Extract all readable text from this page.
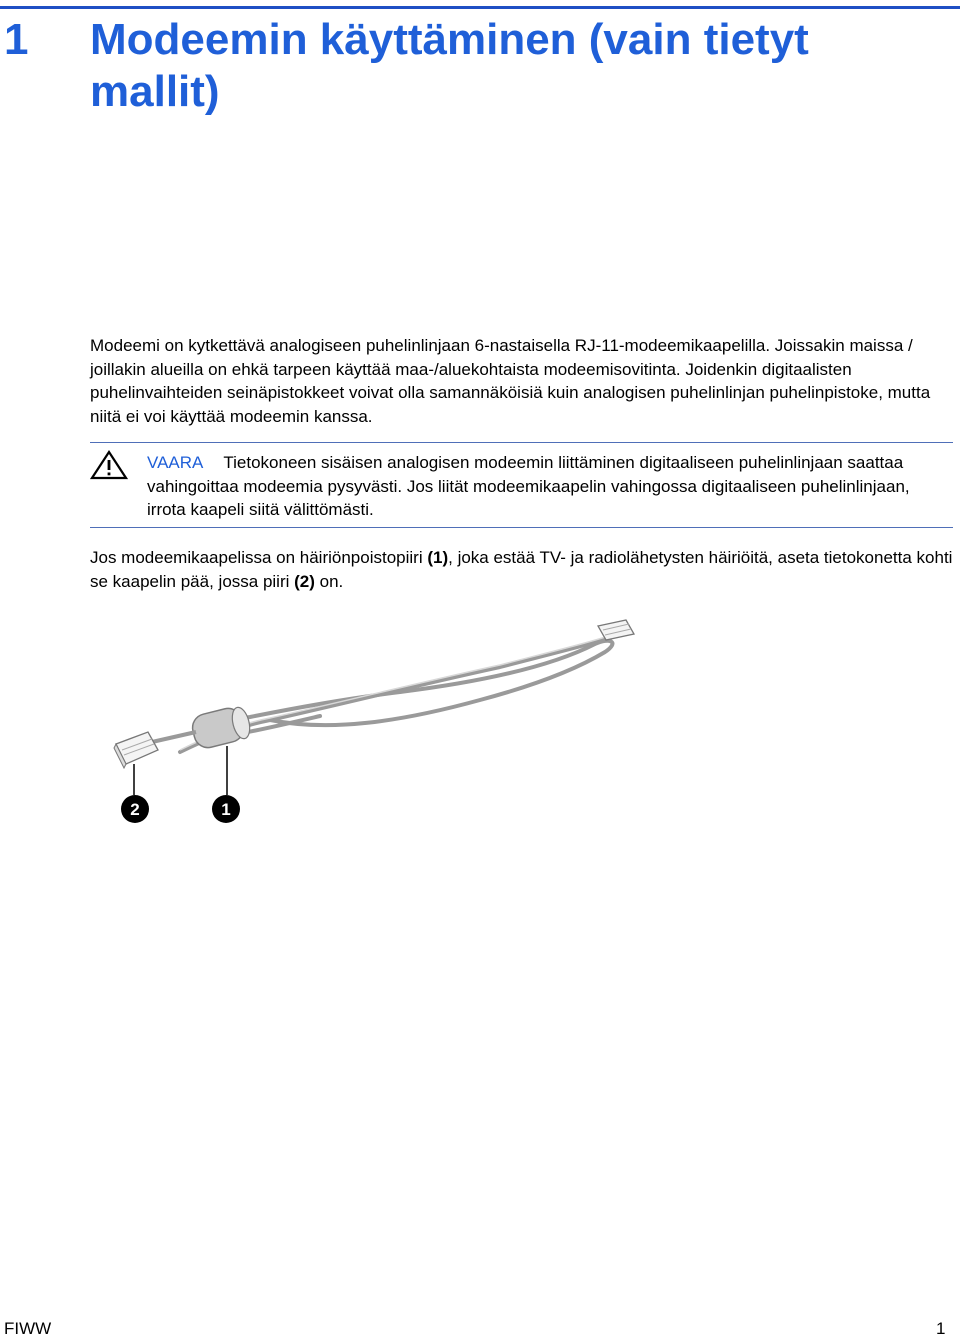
1 Modeemin käyttäminen (vain tietyt mallit)

Modeemi on kytkettävä analogiseen puhelinlinjaan 6-nastaisella RJ-11-modeemikaapelilla. Joissakin maissa / joillakin alueilla on ehkä tarpeen käyttää maa-/aluekohtaista modeemisovitinta. Joidenkin digitaalisten puhelinvaihteiden seinäpistokkeet voivat olla samannäköisiä kuin analogisen puhelinlinjan puhelinpistoke, mutta niitä ei voi käyttää modeemin kanssa.

VAARA Tietokoneen sisäisen analogisen modeemin liittäminen digitaaliseen puhelinlinjaan saattaa vahingoittaa modeemia pysyvästi. Jos liität modeemikaapelin vahingossa digitaaliseen puhelinlinjaan, irrota kaapeli siitä välittömästi.

Jos modeemikaapelissa on häiriönpoistopiiri (1), joka estää TV- ja radiolähetysten häiriöitä, aseta tietokonetta kohti se kaapelin pää, jossa piiri (2) on.

2	1
FIWW	1
